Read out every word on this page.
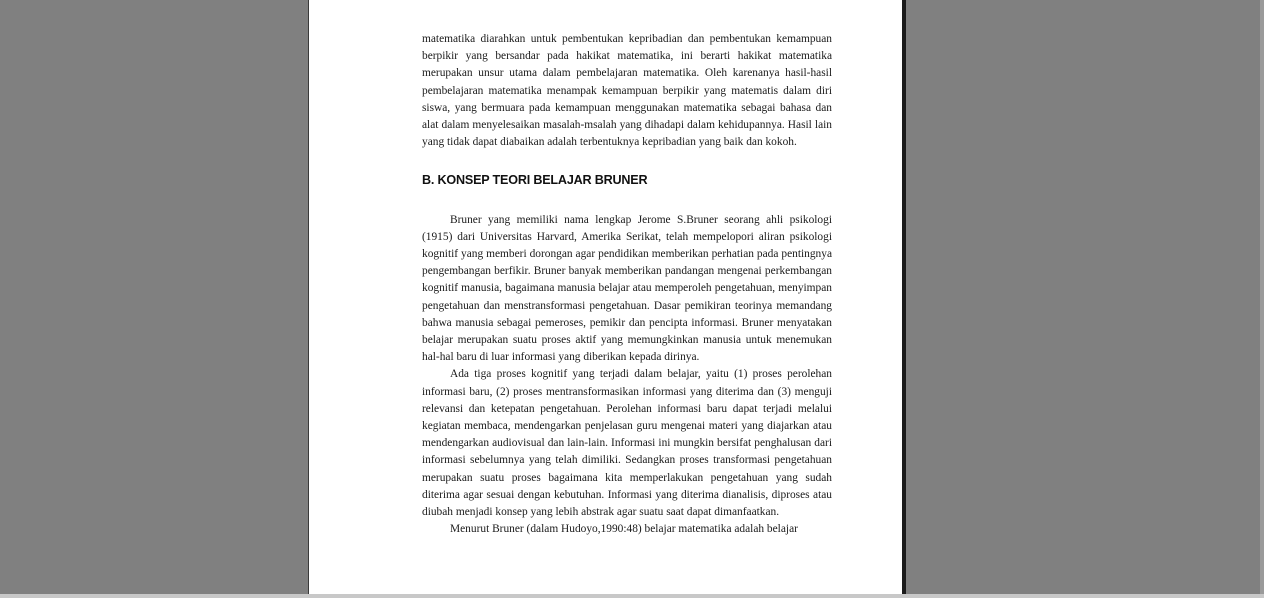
matematika diarahkan untuk pembentukan kepribadian dan pembentukan kemampuan berpikir yang bersandar pada hakikat matematika, ini berarti hakikat matematika merupakan unsur utama dalam pembelajaran matematika. Oleh karenanya hasil-hasil pembelajaran matematika menampak kemampuan berpikir yang matematis dalam diri siswa, yang bermuara pada kemampuan menggunakan matematika sebagai bahasa dan alat dalam menyelesaikan masalah-msalah yang dihadapi dalam kehidupannya. Hasil lain yang tidak dapat diabaikan adalah terbentuknya kepribadian yang baik dan kokoh.

B. KONSEP TEORI BELAJAR BRUNER

Bruner yang memiliki nama lengkap Jerome S.Bruner seorang ahli psikologi (1915) dari Universitas Harvard, Amerika Serikat, telah mempelopori aliran psikologi kognitif yang memberi dorongan agar pendidikan memberikan perhatian pada pentingnya pengembangan berfikir. Bruner banyak memberikan pandangan mengenai perkembangan kognitif manusia, bagaimana manusia belajar atau memperoleh pengetahuan, menyimpan pengetahuan dan menstransformasi pengetahuan. Dasar pemikiran teorinya memandang bahwa manusia sebagai pemeroses, pemikir dan pencipta informasi. Bruner menyatakan belajar merupakan suatu proses aktif yang memungkinkan manusia untuk menemukan hal-hal baru di luar informasi yang diberikan kepada dirinya.

Ada tiga proses kognitif yang terjadi dalam belajar, yaitu (1) proses perolehan informasi baru, (2) proses mentransformasikan informasi yang diterima dan (3) menguji relevansi dan ketepatan pengetahuan. Perolehan informasi baru dapat terjadi melalui kegiatan membaca, mendengarkan penjelasan guru mengenai materi yang diajarkan atau mendengarkan audiovisual dan lain-lain. Informasi ini mungkin bersifat penghalusan dari informasi sebelumnya yang telah dimiliki. Sedangkan proses transformasi pengetahuan merupakan suatu proses bagaimana kita memperlakukan pengetahuan yang sudah diterima agar sesuai dengan kebutuhan. Informasi yang diterima dianalisis, diproses atau diubah menjadi konsep yang lebih abstrak agar suatu saat dapat dimanfaatkan.

Menurut Bruner (dalam Hudoyo,1990:48) belajar matematika adalah belajar
